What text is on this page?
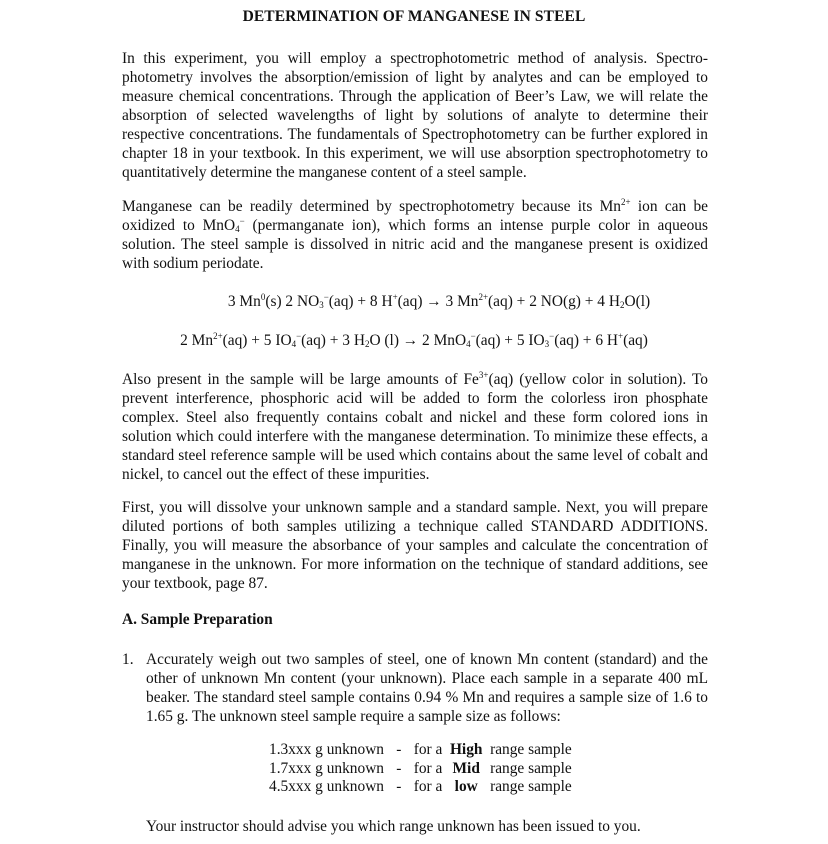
DETERMINATION OF MANGANESE IN STEEL

In this experiment, you will employ a spectrophotometric method of analysis. Spectro-photometry involves the absorption/emission of light by analytes and can be employed to measure chemical concentrations. Through the application of Beer’s Law, we will relate the absorption of selected wavelengths of light by solutions of analyte to determine their respective concentrations. The fundamentals of Spectrophotometry can be further explored in chapter 18 in your textbook. In this experiment, we will use absorption spectrophotometry to quantitatively determine the manganese content of a steel sample.

Manganese can be readily determined by spectrophotometry because its $Mn^{2+}$ ion can be oxidized to MnO$_4$− (permanganate ion), which forms an intense purple color in aqueous solution. The steel sample is dissolved in nitric acid and the manganese present is oxidized with sodium periodate.

3 Mn$^0$(s) 2 $NO_3^-(aq) + 8$ H+(aq) → 3 $Mn^{2+}(aq) + 2$ NO(g) + 4 $H_2O(l)$
2 $Mn^{2+}(aq) + 5$ $IO_4^-(aq) + 3$ $H_2O$ (l) → 2 MnO$_4$−(aq) + 5 $IO_3^-(aq) + 6$ H+(aq)

Also present in the sample will be large amounts of $Fe^{3+}(aq)$ (yellow color in solution). To prevent interference, phosphoric acid will be added to form the colorless iron phosphate complex. Steel also frequently contains cobalt and nickel and these form colored ions in solution which could interfere with the manganese determination. To minimize these effects, a standard steel reference sample will be used which contains about the same level of cobalt and nickel, to cancel out the effect of these impurities.

First, you will dissolve your unknown sample and a standard sample. Next, you will prepare diluted portions of both samples utilizing a technique called STANDARD ADDITIONS. Finally, you will measure the absorbance of your samples and calculate the concentration of manganese in the unknown. For more information on the technique of standard additions, see your textbook, page 87.

A. Sample Preparation
1. Accurately weigh out two samples of steel, one of known Mn content (standard) and the other of unknown Mn content (your unknown). Place each sample in a separate 400 mL beaker. The standard steel sample contains 0.94 % Mn and requires a sample size of 1.6 to 1.65 g. The unknown steel sample require a sample size as follows:
1.3xxx g unknown - for a High range sample
1.7xxx g unknown - for a Mid range sample
4.5xxx g unknown - for a low range sample
Your instructor should advise you which range unknown has been issued to you.
